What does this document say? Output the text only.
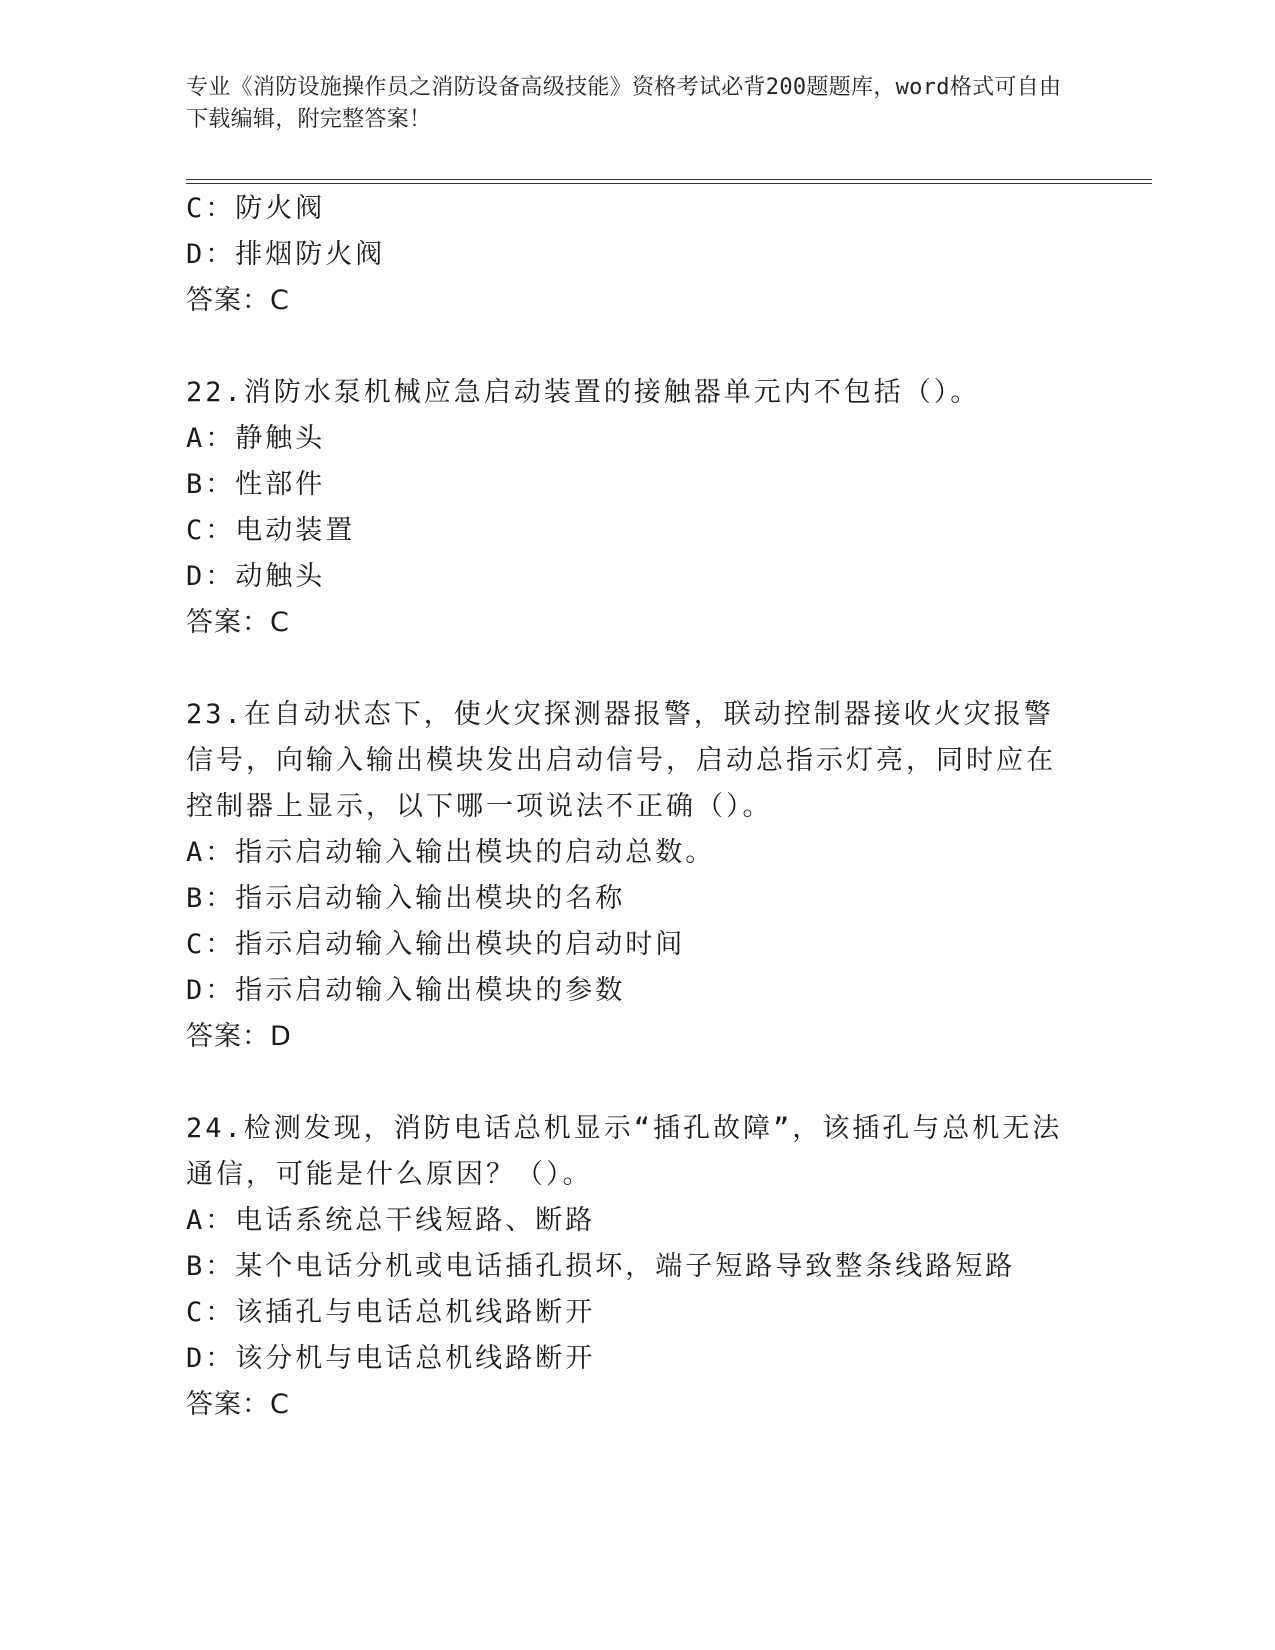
专业《消防设施操作员之消防设备高级技能》资格考试必背200题题库，word格式可自由下载编辑，附完整答案！
C：防火阀
D：排烟防火阀
答案：C
22.消防水泵机械应急启动装置的接触器单元内不包括（）。
A：静触头
B：性部件
C：电动装置
D：动触头
答案：C
23.在自动状态下，使火灾探测器报警，联动控制器接收火灾报警信号，向输入输出模块发出启动信号，启动总指示灯亮，同时应在控制器上显示，以下哪一项说法不正确（）。
A：指示启动输入输出模块的启动总数。
B：指示启动输入输出模块的名称
C：指示启动输入输出模块的启动时间
D：指示启动输入输出模块的参数
答案：D
24.检测发现，消防电话总机显示“插孔故障”，该插孔与总机无法通信，可能是什么原因？（）。
A：电话系统总干线短路、断路
B：某个电话分机或电话插孔损坏，端子短路导致整条线路短路
C：该插孔与电话总机线路断开
D：该分机与电话总机线路断开
答案：C
